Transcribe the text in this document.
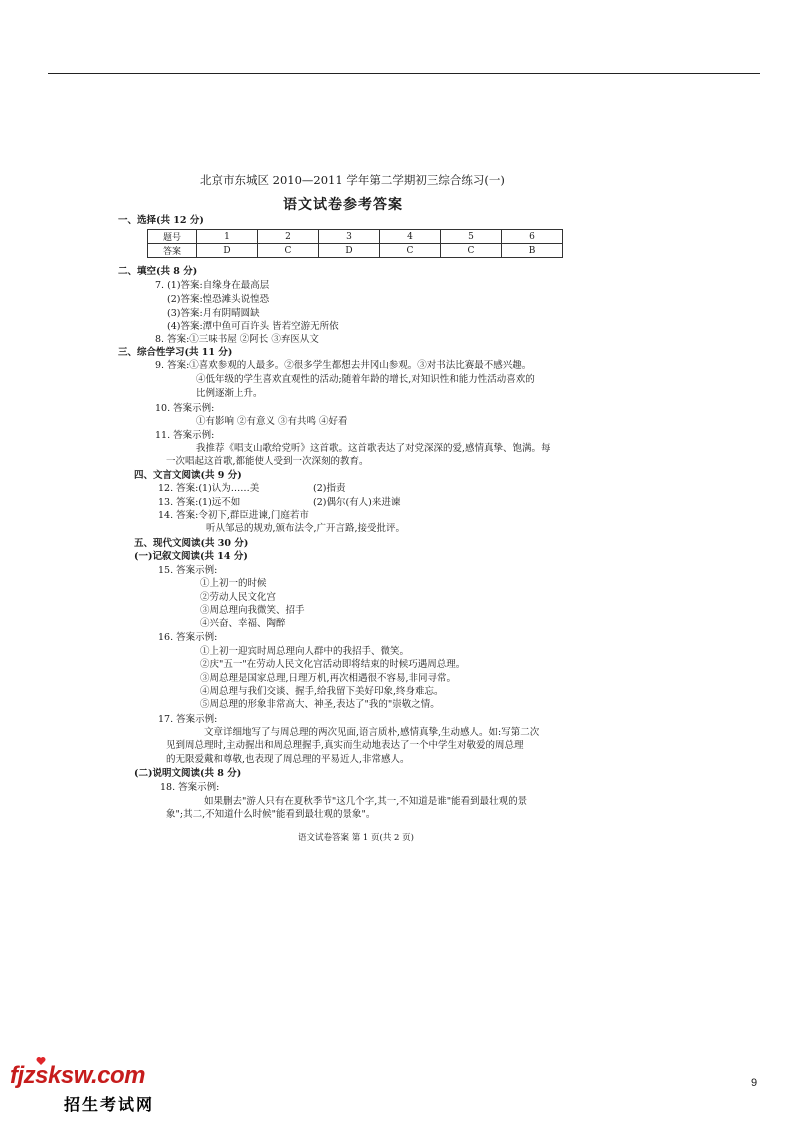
北京市东城区 2010—2011 学年第二学期初三综合练习(一)
语文试卷参考答案
一、选择(共 12 分)
题号	1	2	3	4	5	6
答案	D	C	D	C	C	B
二、填空(共 8 分)
7. (1)答案:自缘身在最高层
(2)答案:惶恐滩头说惶恐
(3)答案:月有阴晴圆缺
(4)答案:潭中鱼可百许头 皆若空游无所依
8. 答案:①三味书屋 ②阿长 ③弃医从文
三、综合性学习(共 11 分)
9. 答案:①喜欢参观的人最多。②很多学生都想去井冈山参观。③对书法比赛最不感兴趣。
④低年级的学生喜欢直观性的活动;随着年龄的增长,对知识性和能力性活动喜欢的
比例逐渐上升。
10. 答案示例:
①有影响 ②有意义 ③有共鸣 ④好看
11. 答案示例:
我推荐《唱支山歌给党听》这首歌。这首歌表达了对党深深的爱,感情真挚、饱满。每
一次唱起这首歌,都能使人受到一次深刻的教育。
四、文言文阅读(共 9 分)
12. 答案:(1)认为……美	(2)指责
13. 答案:(1)远不如	(2)偶尔(有人)来进谏
14. 答案:令初下,群臣进谏,门庭若市
听从邹忌的规劝,颁布法令,广开言路,接受批评。
五、现代文阅读(共 30 分)
(一)记叙文阅读(共 14 分)
15. 答案示例:
①上初一的时候
②劳动人民文化宫
③周总理向我微笑、招手
④兴奋、幸福、陶醉
16. 答案示例:
①上初一迎宾时周总理向人群中的我招手、微笑。
②庆"五一"在劳动人民文化宫活动即将结束的时候巧遇周总理。
③周总理是国家总理,日理万机,再次相遇很不容易,非同寻常。
④周总理与我们交谈、握手,给我留下美好印象,终身难忘。
⑤周总理的形象非常高大、神圣,表达了"我的"崇敬之情。
17. 答案示例:
文章详细地写了与周总理的两次见面,语言质朴,感情真挚,生动感人。如:写第二次
见到周总理时,主动握出和周总理握手,真实而生动地表达了一个中学生对敬爱的周总理
的无限爱戴和尊敬,也表现了周总理的平易近人,非常感人。
(二)说明文阅读(共 8 分)
18. 答案示例:
如果删去"游人只有在夏秋季节"这几个字,其一,不知道是谁"能看到最壮观的景
象";其二,不知道什么时候"能看到最壮观的景象"。
语文试卷答案 第 1 页(共 2 页)
fjzsksw.com
招生考试网
9
